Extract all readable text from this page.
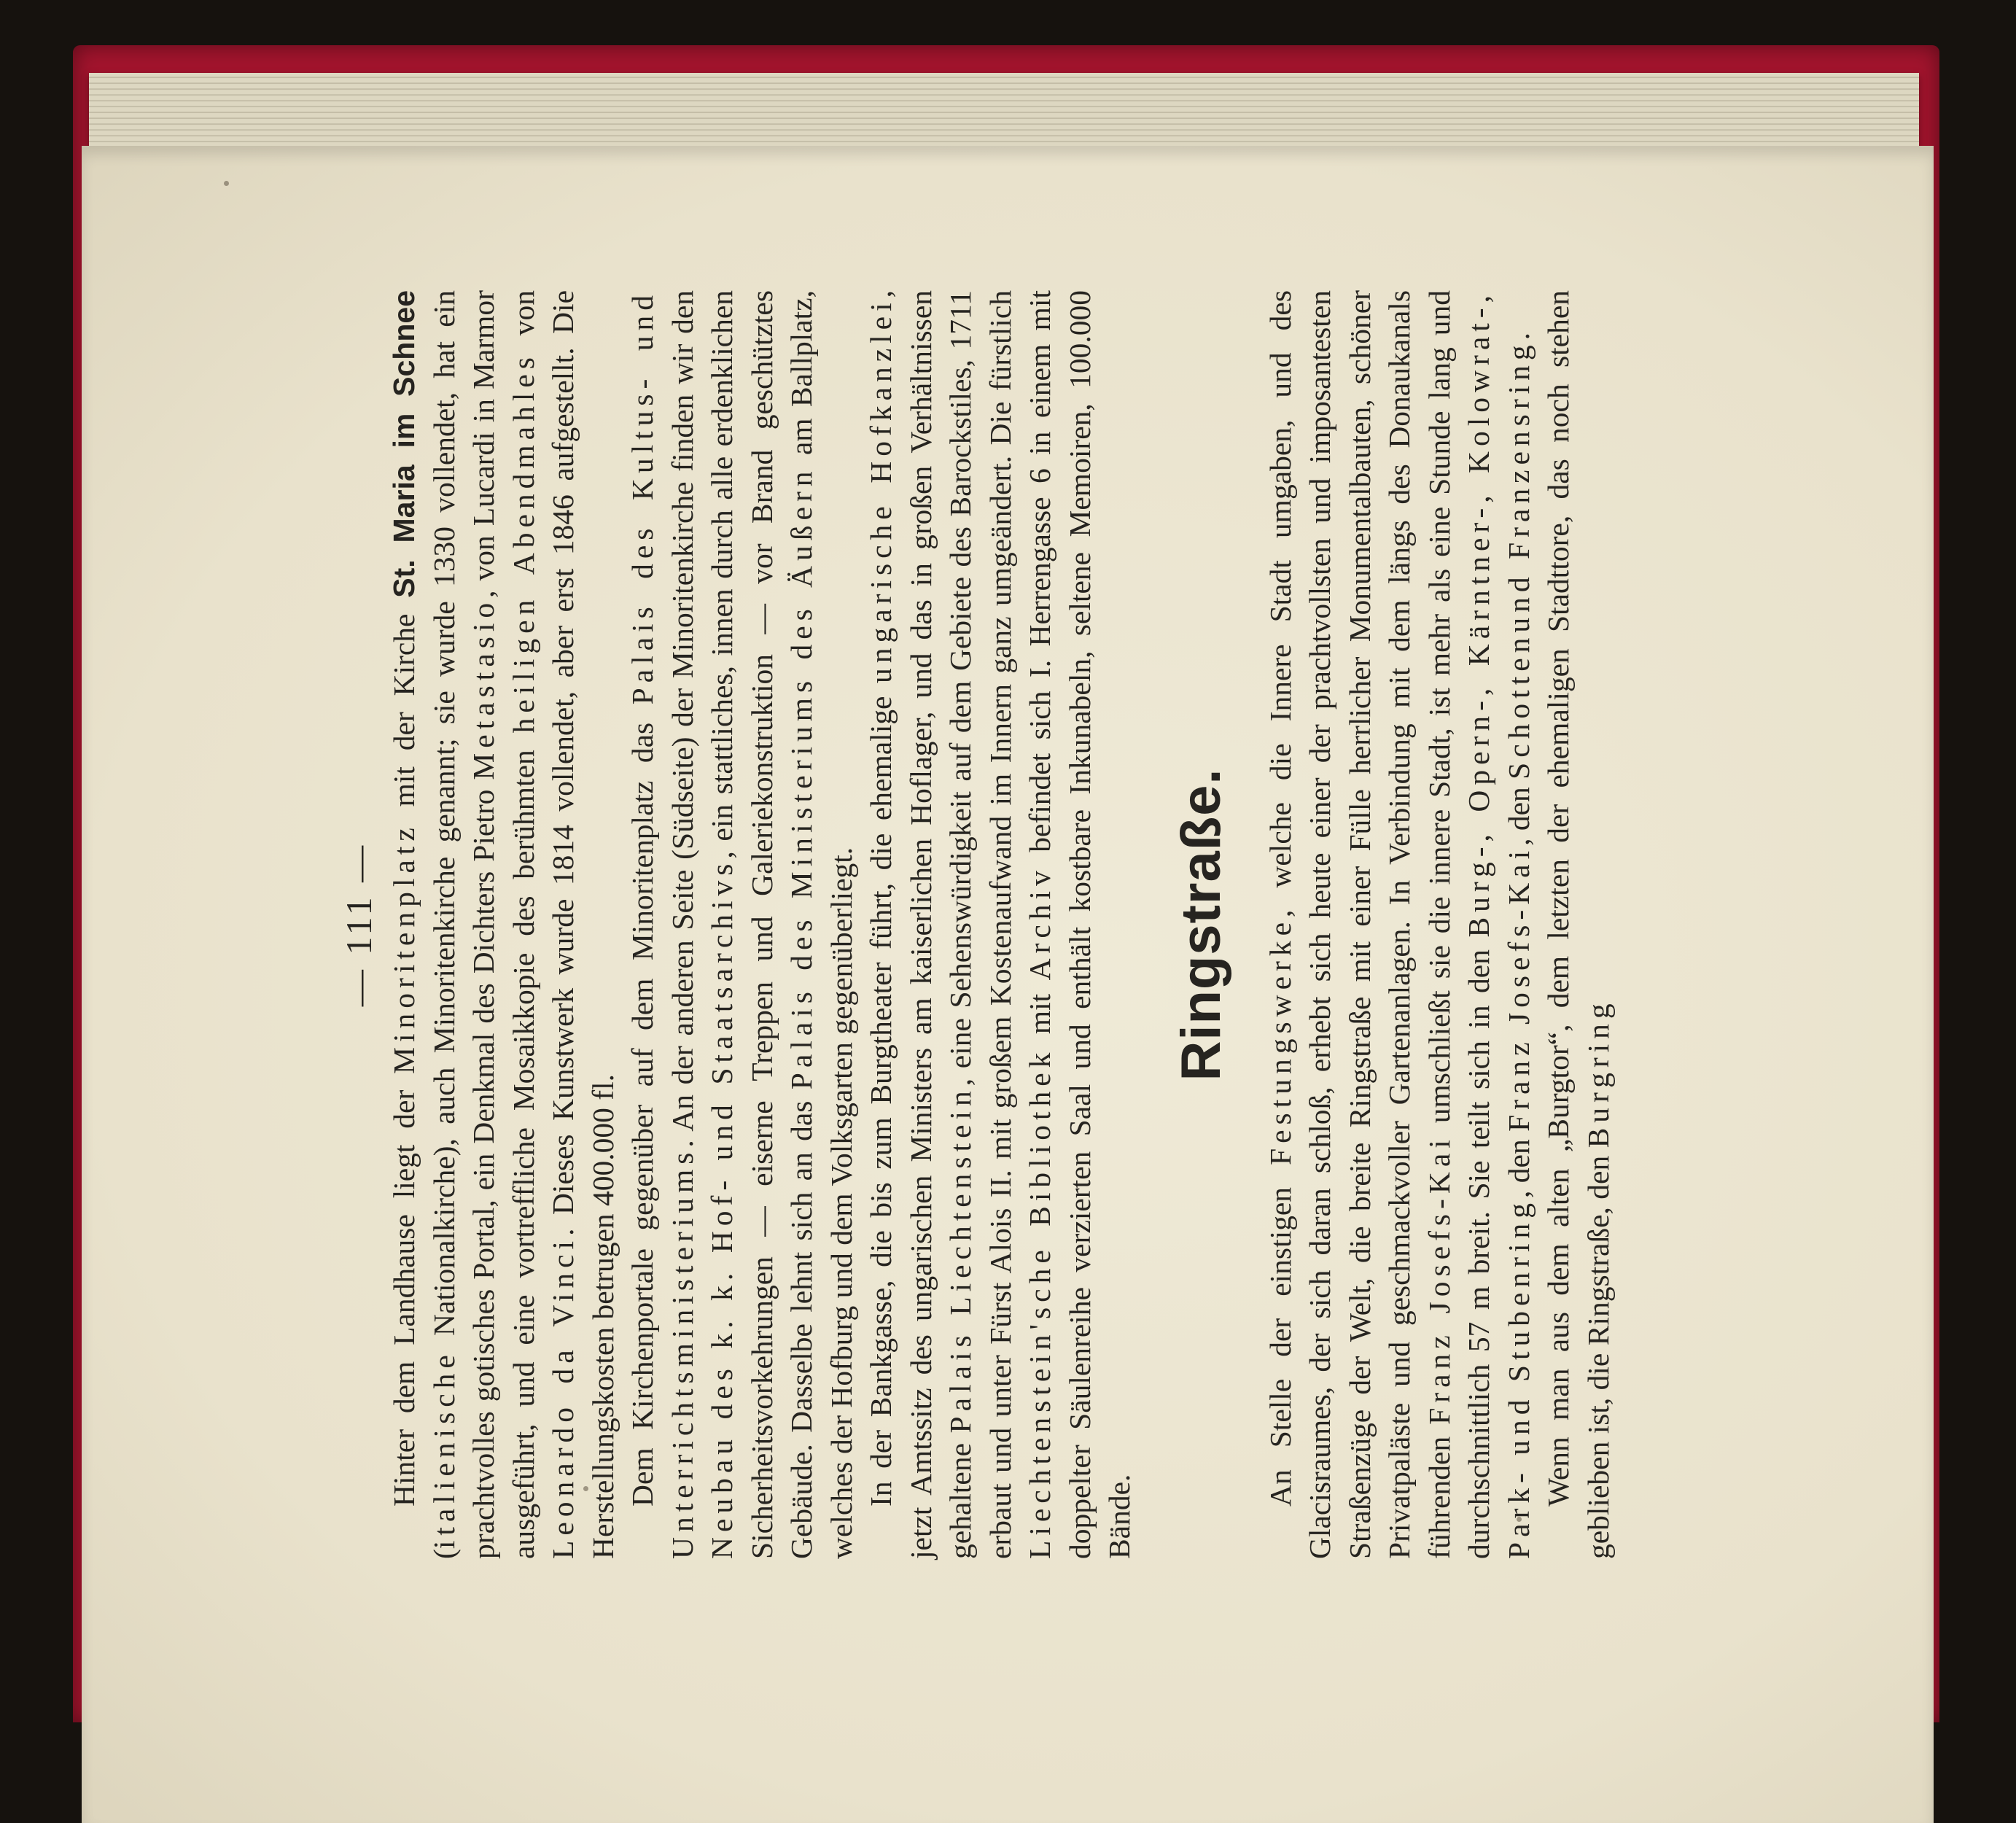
— 111 —

Hinter dem Landhause liegt der Minoritenplatz mit der Kirche St. Maria im Schnee (italienische Nationalkirche), auch Minoritenkirche genannt; sie wurde 1330 vollendet, hat ein prachtvolles gotisches Portal, ein Denkmal des Dichters Pietro Metastasio, von Lucardi in Marmor ausgeführt, und eine vortreffliche Mosaikkopie des berühmten heiligen Abendmahles von Leonardo da Vinci. Dieses Kunstwerk wurde 1814 vollendet, aber erst 1846 aufgestellt. Die Herstellungskosten betrugen 400.000 fl. Dem Kirchenportale gegenüber auf dem Minoritenplatz das Palais des Kultus- und Unterrichtsministeriums. An der anderen Seite (Südseite) der Minoritenkirche finden wir den Neubau des k. k. Hof- und Staatsarchivs, ein stattliches, innen durch alle erdenklichen Sicherheitsvorkehrungen — eiserne Treppen und Galeriekonstruktion — vor Brand geschütztes Gebäude. Dasselbe lehnt sich an das Palais des Ministeriums des Äußern am Ballplatz, welches der Hofburg und dem Volksgarten gegenüberliegt. In der Bankgasse, die bis zum Burgtheater führt, die ehemalige ungarische Hofkanzlei, jetzt Amtssitz des ungarischen Ministers am kaiserlichen Hoflager, und das in großen Verhältnissen gehaltene Palais Liechtenstein, eine Sehenswürdigkeit auf dem Gebiete des Barockstiles, 1711 erbaut und unter Fürst Alois II. mit großem Kostenaufwand im Innern ganz umgeändert. Die fürstlich Liechtenstein'sche Bibliothek mit Archiv befindet sich I. Herrengasse 6 in einem mit doppelter Säulenreihe verzierten Saal und enthält kostbare Inkunabeln, seltene Memoiren, 100.000 Bände.

Ringstraße.

An Stelle der einstigen Festungswerke, welche die Innere Stadt umgaben, und des Glacisraumes, der sich daran schloß, erhebt sich heute einer der prachtvollsten und imposantesten Straßenzüge der Welt, die breite Ringstraße mit einer Fülle herrlicher Monumentalbauten, schöner Privatpaläste und geschmackvoller Gartenanlagen. In Verbindung mit dem längs des Donaukanals führenden Franz Josefs-Kai umschließt sie die innere Stadt, ist mehr als eine Stunde lang und durchschnittlich 57 m breit. Sie teilt sich in den Burg-, Opern-, Kärntner-, Kolowrat-, Park- und Stubenring, den Franz Josefs-Kai, den Schottenund Franzensring. Wenn man aus dem alten „Burgtor“, dem letzten der ehemaligen Stadttore, das noch stehen geblieben ist, die Ringstraße, den Burgring
